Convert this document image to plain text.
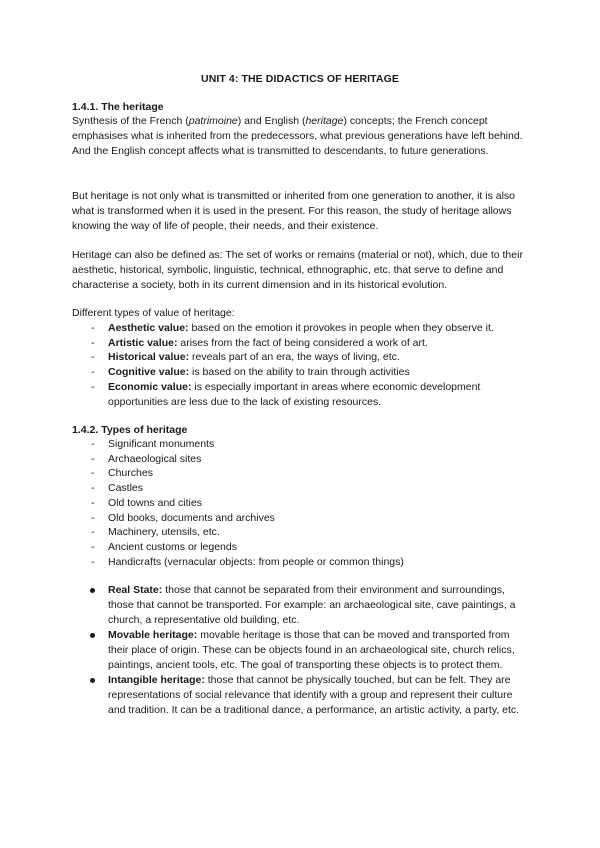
UNIT 4: THE DIDACTICS OF HERITAGE
1.4.1. The heritage
Synthesis of the French (patrimoine) and English (heritage) concepts; the French concept emphasises what is inherited from the predecessors, what previous generations have left behind. And the English concept affects what is transmitted to descendants, to future generations.
But heritage is not only what is transmitted or inherited from one generation to another, it is also what is transformed when it is used in the present. For this reason, the study of heritage allows knowing the way of life of people, their needs, and their existence.
Heritage can also be defined as: The set of works or remains (material or not), which, due to their aesthetic, historical, symbolic, linguistic, technical, ethnographic, etc. that serve to define and characterise a society, both in its current dimension and in its historical evolution.
Different types of value of heritage:
- Aesthetic value: based on the emotion it provokes in people when they observe it.
- Artistic value: arises from the fact of being considered a work of art.
- Historical value: reveals part of an era, the ways of living, etc.
- Cognitive value: is based on the ability to train through activities
- Economic value: is especially important in areas where economic development opportunities are less due to the lack of existing resources.
1.4.2. Types of heritage
- Significant monuments
- Archaeological sites
- Churches
- Castles
- Old towns and cities
- Old books, documents and archives
- Machinery, utensils, etc.
- Ancient customs or legends
- Handicrafts (vernacular objects: from people or common things)
Real State: those that cannot be separated from their environment and surroundings, those that cannot be transported. For example: an archaeological site, cave paintings, a church, a representative old building, etc.
Movable heritage: movable heritage is those that can be moved and transported from their place of origin. These can be objects found in an archaeological site, church relics, paintings, ancient tools, etc. The goal of transporting these objects is to protect them.
Intangible heritage: those that cannot be physically touched, but can be felt. They are representations of social relevance that identify with a group and represent their culture and tradition. It can be a traditional dance, a performance, an artistic activity, a party, etc.
